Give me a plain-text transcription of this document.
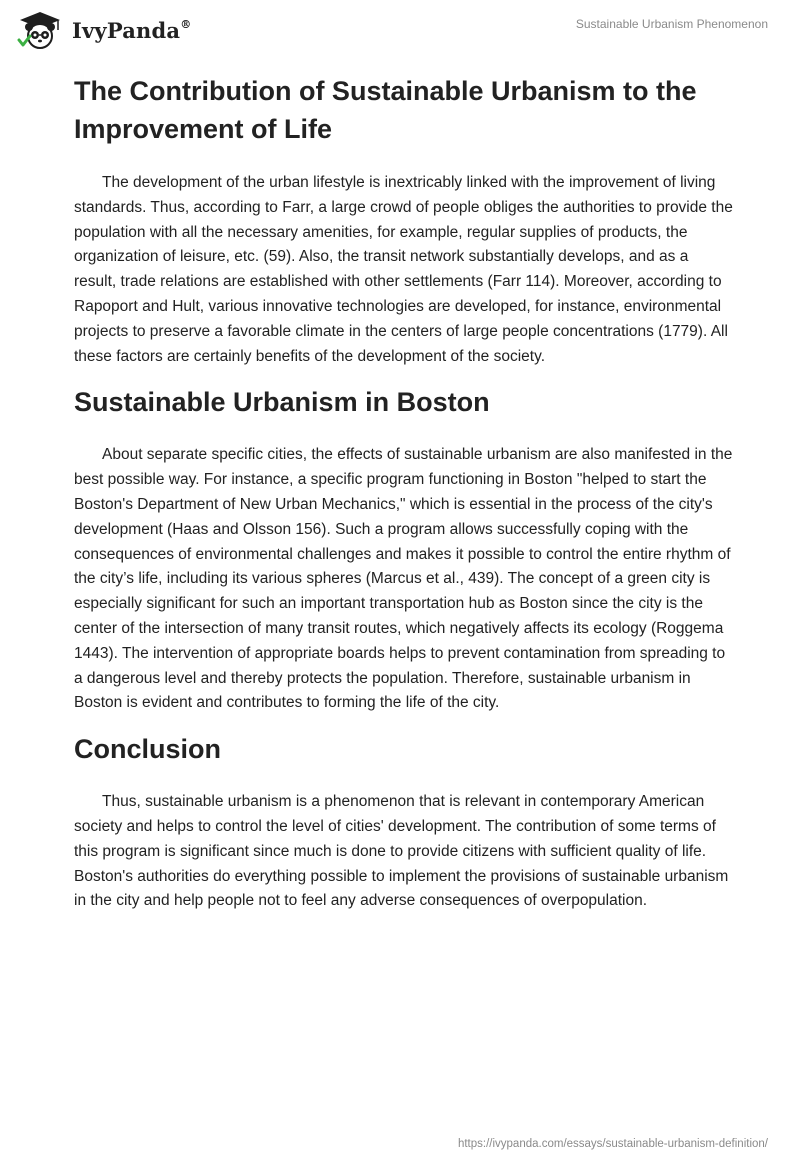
IvyPanda®	Sustainable Urbanism Phenomenon
The Contribution of Sustainable Urbanism to the Improvement of Life

The development of the urban lifestyle is inextricably linked with the improvement of living standards. Thus, according to Farr, a large crowd of people obliges the authorities to provide the population with all the necessary amenities, for example, regular supplies of products, the organization of leisure, etc. (59). Also, the transit network substantially develops, and as a result, trade relations are established with other settlements (Farr 114). Moreover, according to Rapoport and Hult, various innovative technologies are developed, for instance, environmental projects to preserve a favorable climate in the centers of large people concentrations (1779). All these factors are certainly benefits of the development of the society.

Sustainable Urbanism in Boston

About separate specific cities, the effects of sustainable urbanism are also manifested in the best possible way. For instance, a specific program functioning in Boston "helped to start the Boston's Department of New Urban Mechanics," which is essential in the process of the city's development (Haas and Olsson 156). Such a program allows successfully coping with the consequences of environmental challenges and makes it possible to control the entire rhythm of the city’s life, including its various spheres (Marcus et al., 439). The concept of a green city is especially significant for such an important transportation hub as Boston since the city is the center of the intersection of many transit routes, which negatively affects its ecology (Roggema 1443). The intervention of appropriate boards helps to prevent contamination from spreading to a dangerous level and thereby protects the population. Therefore, sustainable urbanism in Boston is evident and contributes to forming the life of the city.

Conclusion

Thus, sustainable urbanism is a phenomenon that is relevant in contemporary American society and helps to control the level of cities' development. The contribution of some terms of this program is significant since much is done to provide citizens with sufficient quality of life. Boston's authorities do everything possible to implement the provisions of sustainable urbanism in the city and help people not to feel any adverse consequences of overpopulation.

https://ivypanda.com/essays/sustainable-urbanism-definition/
